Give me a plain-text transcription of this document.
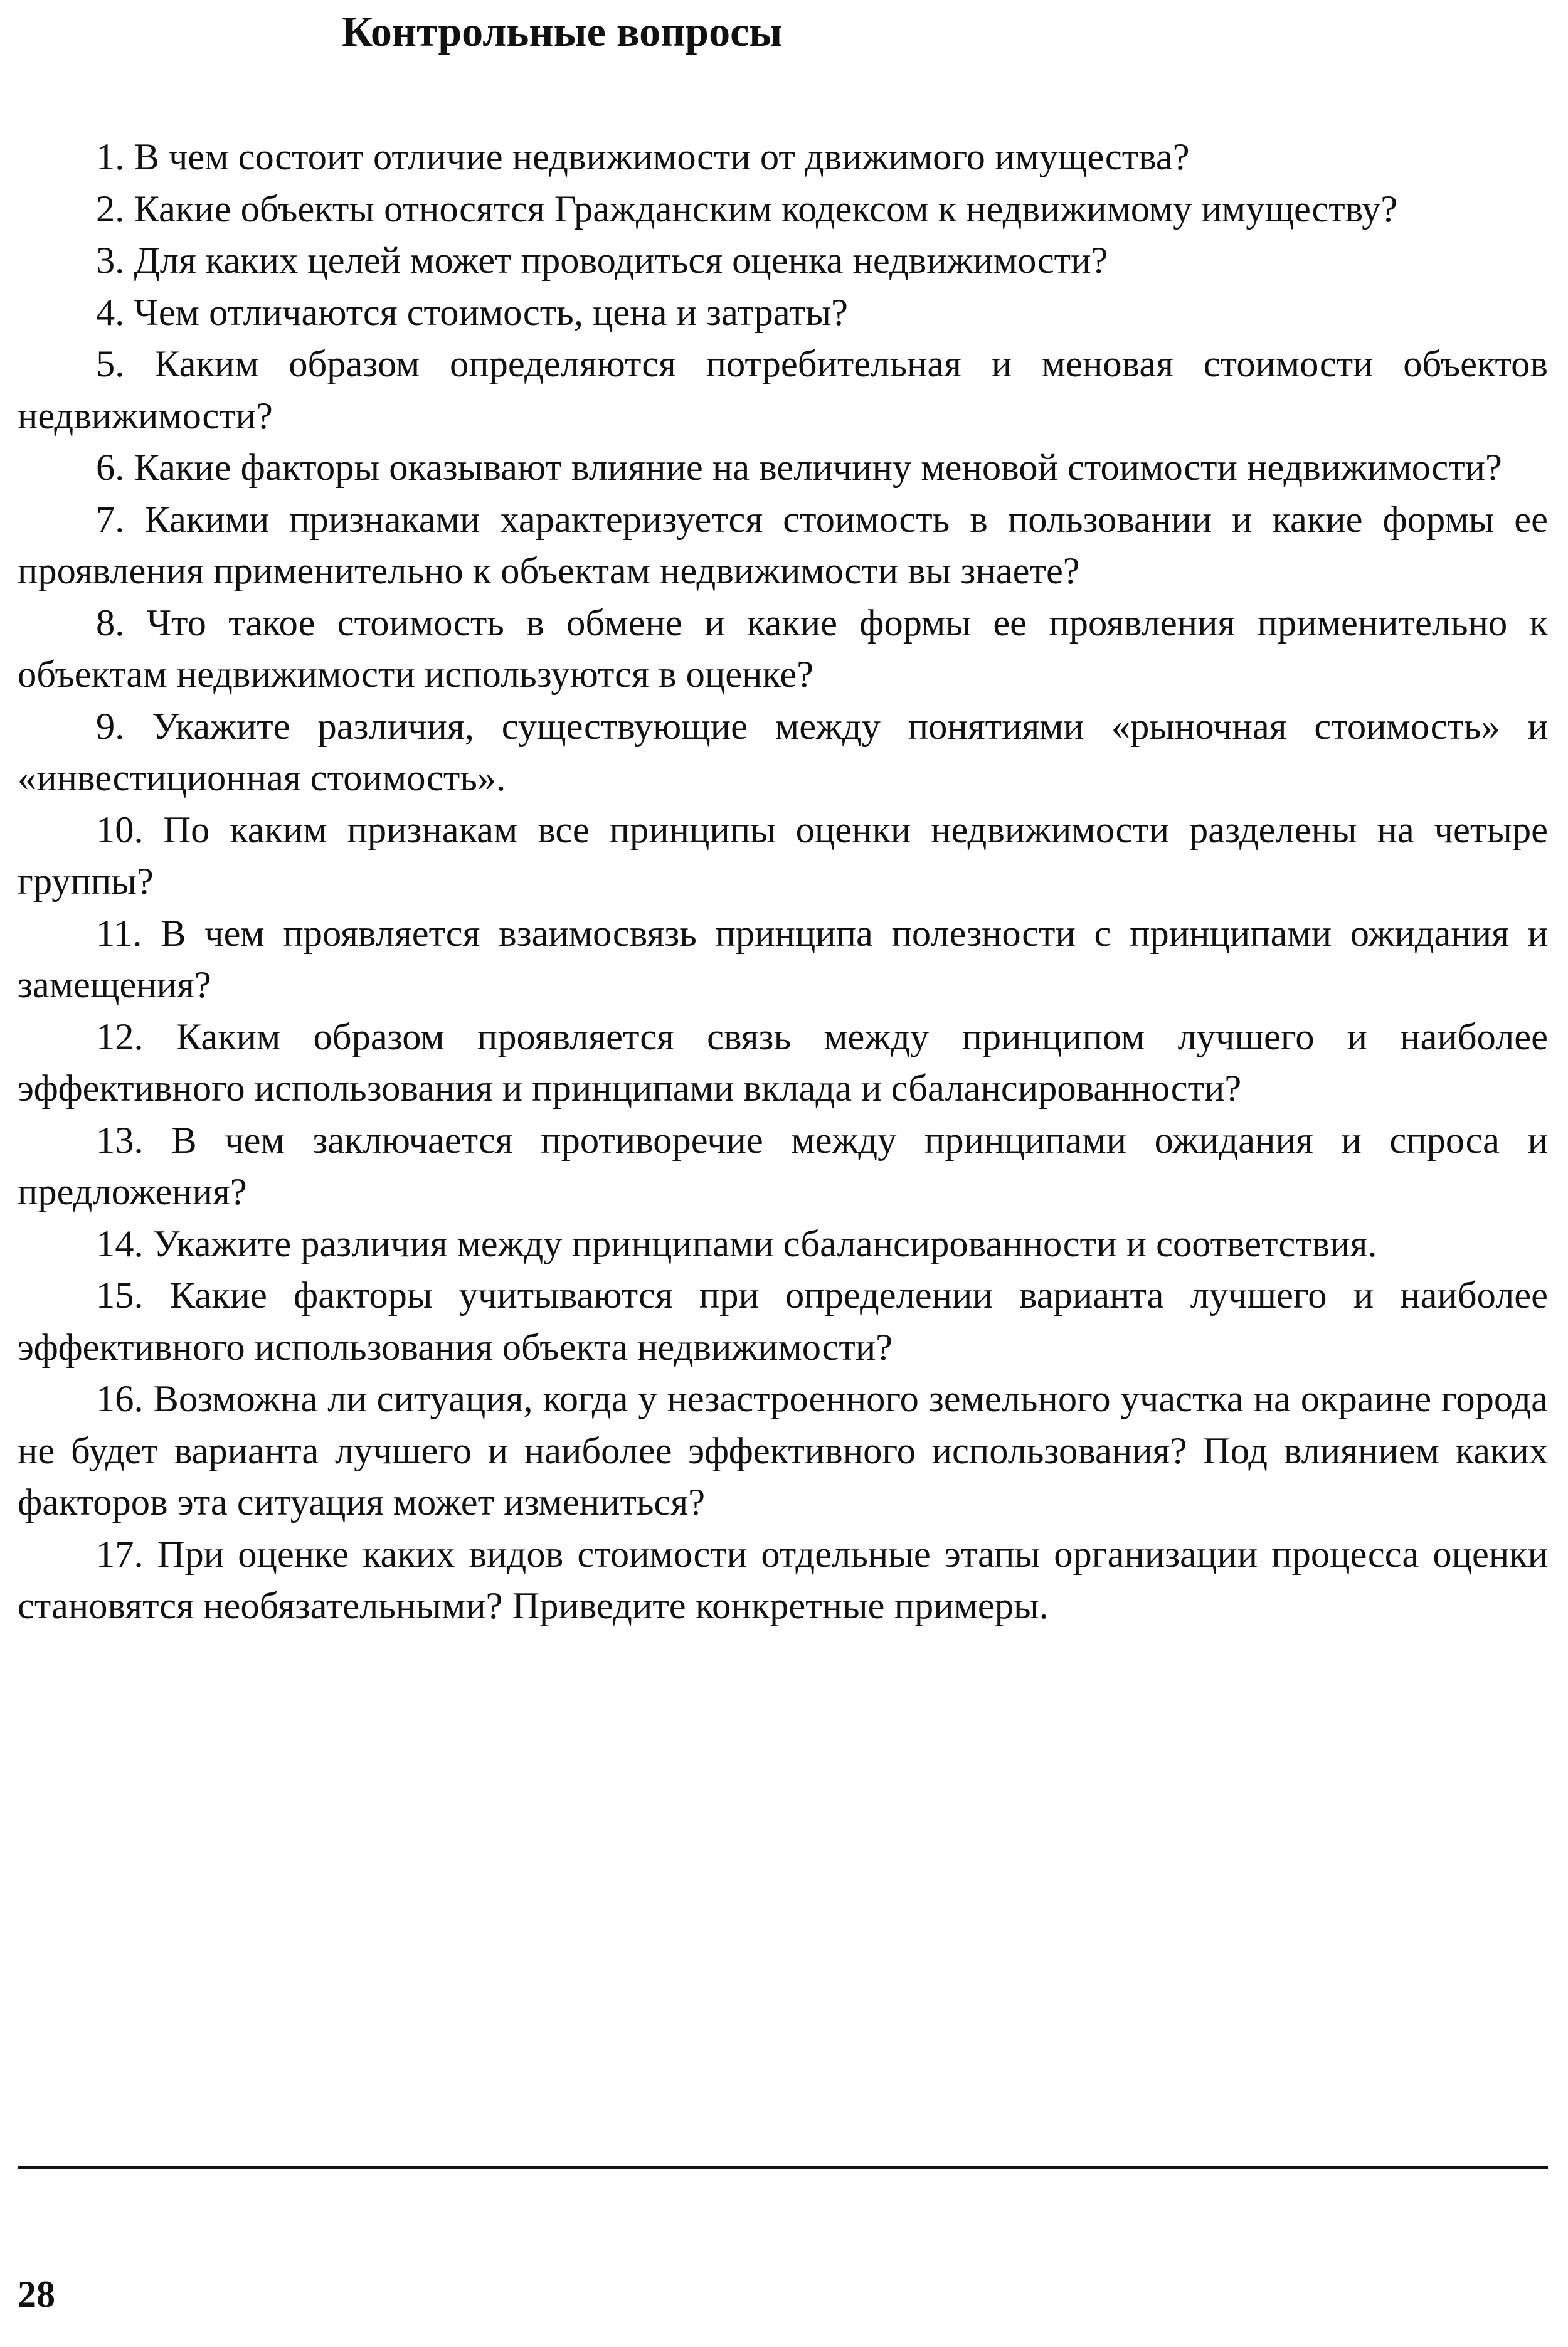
Контрольные вопросы
1. В чем состоит отличие недвижимости от движимого имущества?
2. Какие объекты относятся Гражданским кодексом к недвижимому имуществу?
3. Для каких целей может проводиться оценка недвижимости?
4. Чем отличаются стоимость, цена и затраты?
5. Каким образом определяются потребительная и меновая стоимости объектов недвижимости?
6. Какие факторы оказывают влияние на величину меновой стоимости недвижимости?
7. Какими признаками характеризуется стоимость в пользовании и какие формы ее проявления применительно к объектам недвижимости вы знаете?
8. Что такое стоимость в обмене и какие формы ее проявления применительно к объектам недвижимости используются в оценке?
9. Укажите различия, существующие между понятиями «рыночная стоимость» и «инвестиционная стоимость».
10. По каким признакам все принципы оценки недвижимости разделены на четыре группы?
11. В чем проявляется взаимосвязь принципа полезности с принципами ожидания и замещения?
12. Каким образом проявляется связь между принципом лучшего и наиболее эффективного использования и принципами вклада и сбалансированности?
13. В чем заключается противоречие между принципами ожидания и спроса и предложения?
14. Укажите различия между принципами сбалансированности и соответствия.
15. Какие факторы учитываются при определении варианта лучшего и наиболее эффективного использования объекта недвижимости?
16. Возможна ли ситуация, когда у незастроенного земельного участка на окраине города не будет варианта лучшего и наиболее эффективного использования? Под влиянием каких факторов эта ситуация может измениться?
17. При оценке каких видов стоимости отдельные этапы организации процесса оценки становятся необязательными? Приведите конкретные примеры.
28
